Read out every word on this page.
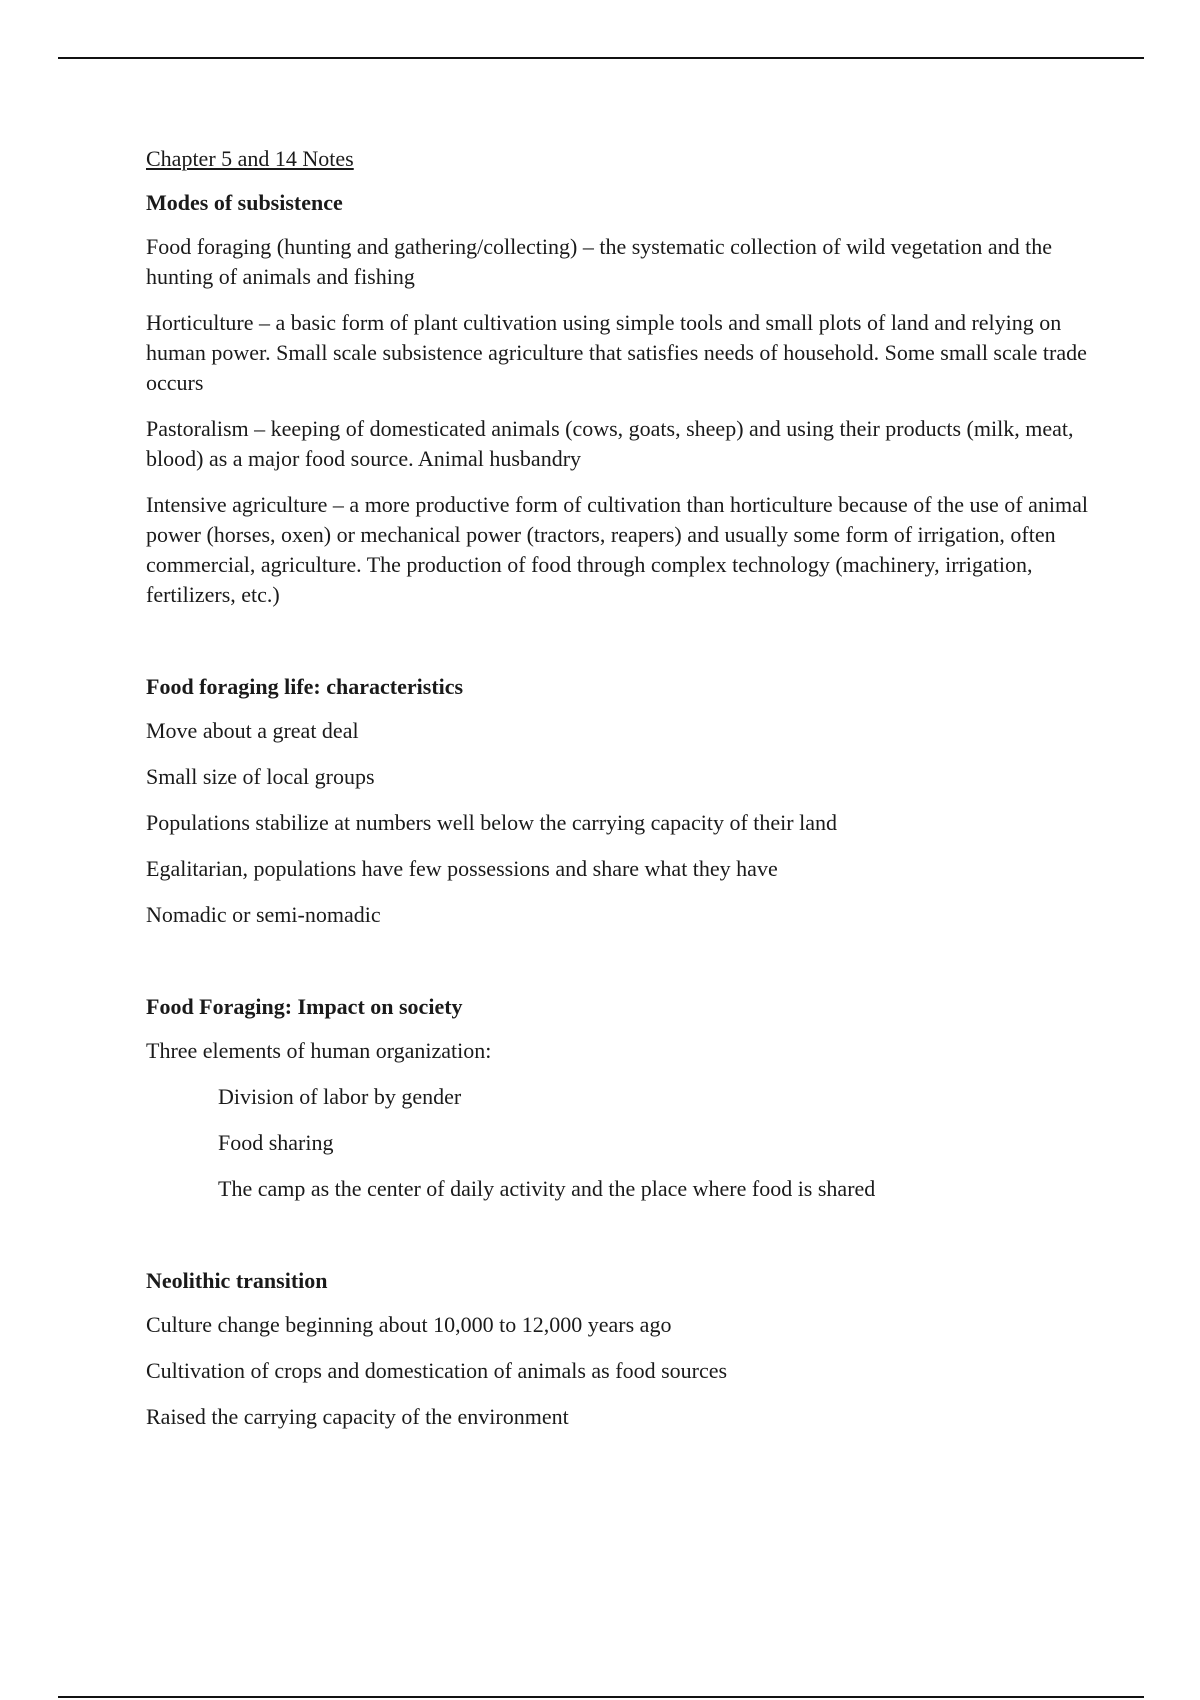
Chapter 5 and 14 Notes
Modes of subsistence
Food foraging (hunting and gathering/collecting) – the systematic collection of wild vegetation and the hunting of animals and fishing
Horticulture – a basic form of plant cultivation using simple tools and small plots of land and relying on human power. Small scale subsistence agriculture that satisfies needs of household. Some small scale trade occurs
Pastoralism – keeping of domesticated animals (cows, goats, sheep) and using their products (milk, meat, blood) as a major food source. Animal husbandry
Intensive agriculture – a more productive form of cultivation than horticulture because of the use of animal power (horses, oxen) or mechanical power (tractors, reapers) and usually some form of irrigation, often commercial, agriculture. The production of food through complex technology (machinery, irrigation, fertilizers, etc.)
Food foraging life: characteristics
Move about a great deal
Small size of local groups
Populations stabilize at numbers well below the carrying capacity of their land
Egalitarian, populations have few possessions and share what they have
Nomadic or semi-nomadic
Food Foraging: Impact on society
Three elements of human organization:
Division of labor by gender
Food sharing
The camp as the center of daily activity and the place where food is shared
Neolithic transition
Culture change beginning about 10,000 to 12,000 years ago
Cultivation of crops and domestication of animals as food sources
Raised the carrying capacity of the environment
